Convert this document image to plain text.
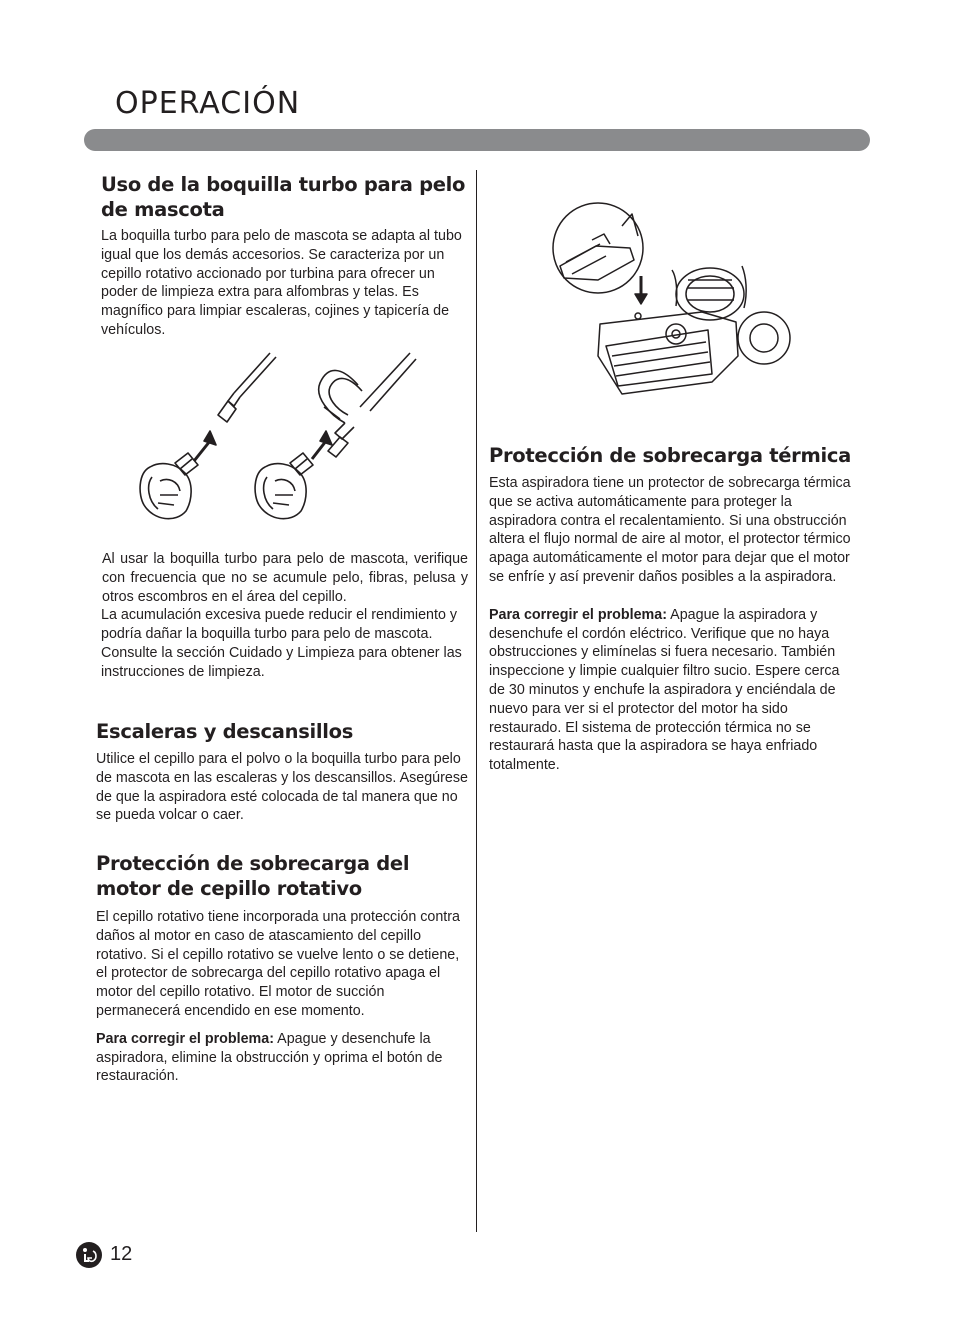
OPERACIÓN
Uso de la boquilla turbo para pelo de mascota

La boquilla turbo para pelo de mascota se adapta al tubo igual que los demás accesorios. Se caracteriza por un cepillo rotativo accionado por turbina para ofrecer un poder de limpieza extra para alfombras y telas. Es magnífico para limpiar escaleras, cojines y tapicería de vehículos.

Al usar la boquilla turbo para pelo de mascota, verifique con frecuencia que no se acumule pelo, fibras, pelusa y otros escombros en el área del cepillo.

La acumulación excesiva puede reducir el rendimiento y podría dañar la boquilla turbo para pelo de mascota. Consulte la sección Cuidado y Limpieza para obtener las instrucciones de limpieza.

Escaleras y descansillos

Utilice el cepillo para el polvo o la boquilla turbo para pelo de mascota en las escaleras y los descansillos. Asegúrese de que la aspiradora esté colocada de tal manera que no se pueda volcar o caer.

Protección de sobrecarga del motor de cepillo rotativo

El cepillo rotativo tiene incorporada una protección contra daños al motor en caso de atascamiento del cepillo rotativo. Si el cepillo rotativo se vuelve lento o se detiene, el protector de sobrecarga del cepillo rotativo apaga el motor del cepillo rotativo. El motor de succión permanecerá encendido en ese momento.

Para corregir el problema: Apague y desenchufe la aspiradora, elimine la obstrucción y oprima el botón de restauración.

Protección de sobrecarga térmica

Esta aspiradora tiene un protector de sobrecarga térmica que se activa automáticamente para proteger la aspiradora contra el recalentamiento. Si una obstrucción altera el flujo normal de aire al motor, el protector térmico apaga automáticamente el motor para dejar que el motor se enfríe y así prevenir daños posibles a la aspiradora.

Para corregir el problema: Apague la aspiradora y desenchufe el cordón eléctrico. Verifique que no haya obstrucciones y elimínelas si fuera necesario. También inspeccione y limpie cualquier filtro sucio. Espere cerca de 30 minutos y enchufe la aspiradora y enciéndala de nuevo para ver si el protector del motor ha sido restaurado. El sistema de protección térmica no se restaurará hasta que la aspiradora se haya enfriado totalmente.

12
